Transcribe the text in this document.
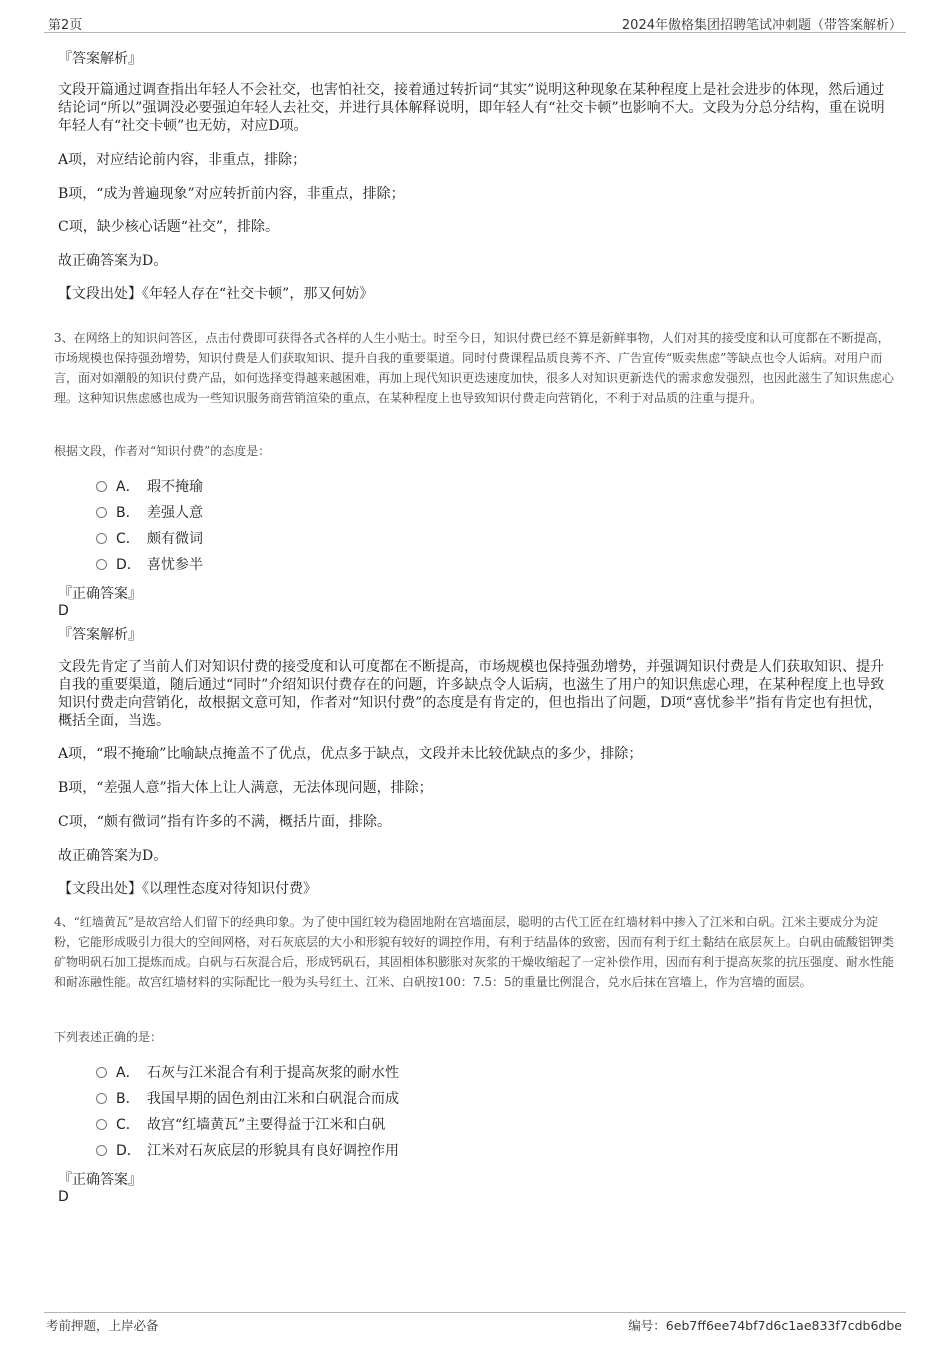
第2页	2024年傲格集团招聘笔试冲刺题（带答案解析）
『答案解析』
文段开篇通过调查指出年轻人不会社交，也害怕社交，接着通过转折词“其实”说明这种现象在某种程度上是社会进步的体现，然后通过结论词“所以”强调没必要强迫年轻人去社交，并进行具体解释说明，即年轻人有“社交卡顿”也影响不大。文段为分总分结构，重在说明年轻人有“社交卡顿”也无妨，对应D项。
A项，对应结论前内容，非重点，排除；
B项，“成为普遍现象”对应转折前内容，非重点，排除；
C项，缺少核心话题“社交”，排除。
故正确答案为D。
【文段出处】《年轻人存在“社交卡顿”，那又何妨》
3、在网络上的知识问答区，点击付费即可获得各式各样的人生小贴士。时至今日，知识付费已经不算是新鲜事物，人们对其的接受度和认可度都在不断提高，市场规模也保持强劲增势，知识付费是人们获取知识、提升自我的重要渠道。同时付费课程品质良莠不齐、广告宣传“贩卖焦虑”等缺点也令人诟病。对用户而言，面对如潮般的知识付费产品，如何选择变得越来越困难，再加上现代知识更迭速度加快，很多人对知识更新迭代的需求愈发强烈，也因此滋生了知识焦虑心理。这种知识焦虑感也成为一些知识服务商营销渲染的重点，在某种程度上也导致知识付费走向营销化，不利于对品质的注重与提升。
根据文段，作者对“知识付费”的态度是：
A． 瑕不掩瑜
B． 差强人意
C． 颇有微词
D． 喜忧参半
『正确答案』
D
『答案解析』
文段先肯定了当前人们对知识付费的接受度和认可度都在不断提高，市场规模也保持强劲增势，并强调知识付费是人们获取知识、提升自我的重要渠道，随后通过“同时”介绍知识付费存在的问题，许多缺点令人诟病，也滋生了用户的知识焦虑心理，在某种程度上也导致知识付费走向营销化，故根据文意可知，作者对“知识付费”的态度是有肯定的，但也指出了问题，D项“喜忧参半”指有肯定也有担忧，概括全面，当选。
A项，“瑕不掩瑜”比喻缺点掩盖不了优点，优点多于缺点，文段并未比较优缺点的多少，排除；
B项，“差强人意”指大体上让人满意，无法体现问题，排除；
C项，“颇有微词”指有许多的不满，概括片面，排除。
故正确答案为D。
【文段出处】《以理性态度对待知识付费》
4、“红墙黄瓦”是故宫给人们留下的经典印象。为了使中国红较为稳固地附在宫墙面层，聪明的古代工匠在红墙材料中掺入了江米和白矾。江米主要成分为淀粉，它能形成吸引力很大的空间网格，对石灰底层的大小和形貌有较好的调控作用，有利于结晶体的致密，因而有利于红土黏结在底层灰上。白矾由硫酸铝钾类矿物明矾石加工提炼而成。白矾与石灰混合后，形成钙矾石，其固相体积膨胀对灰浆的干燥收缩起了一定补偿作用，因而有利于提高灰浆的抗压强度、耐水性能和耐冻融性能。故宫红墙材料的实际配比一般为头号红土、江米、白矾按100：7.5：5的重量比例混合，兑水后抹在宫墙上，作为宫墙的面层。
下列表述正确的是：
A． 石灰与江米混合有利于提高灰浆的耐水性
B． 我国早期的固色剂由江米和白矾混合而成
C． 故宫“红墙黄瓦”主要得益于江米和白矾
D． 江米对石灰底层的形貌具有良好调控作用
『正确答案』
D
考前押题，上岸必备	编号：6eb7ff6ee74bf7d6c1ae833f7cdb6dbe
